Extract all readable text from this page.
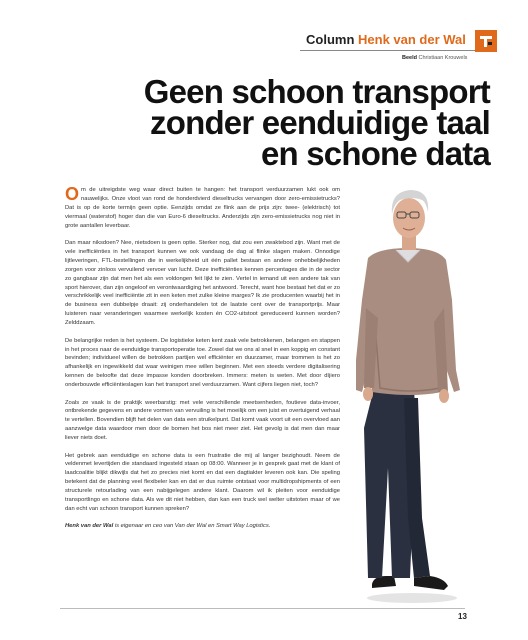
Column Henk van der Wal
Beeld Christiaan Krouwels
Geen schoon transport
zonder eenduidige taal
en schone data

Om de uitreigdste weg waar direct buiten te hangen: het transport verduurzamen lukt ook om nauwelijks. Onze vloot van rond de honderdvierd dieseltrucks vervangen door zero-emissietrucks? Dat is op de korte termijn geen optie. Eenzijds omdat ze flink aan de prijs zijn: twee- (elektrisch) tot viermaal (waterstof) hoger dan die van Euro-6 dieseltrucks. Anderzijds zijn zero-emissietrucks nog niet in grote aantallen leverbaar.

Dan maar niksdoen? Nee, nietsdoen is geen optie. Sterker nog, dat zou een zwaktebod zijn. Want met de vele inefficiënties in het transport kunnen we ook vandaag de dag al flinke slagen maken. Onnodige lijtleveringen, FTL-bestellingen die in werkelijkheid uit één pallet bestaan en andere onhebbelijkheden zorgen voor zinloos vervuilend vervoer van lucht. Deze inefficiënties kennen percentages die in de sector zo gangbaar zijn dat men het als een voldongen feit lijkt te zien. Vertel in iemand uit een andere tak van sport hierover, dan zijn ongeloof en verontwaardiging het antwoord. Terecht, want hoe bestaat het dat er zo verschrikkelijk veel inefficiëntie zit in een keten met zulke kleine marges? Ik zie producenten waarbij het in de business een dubbelpje draait: zij onderhandelen tot de laatste cent over de transportprijs. Maar luisteren naar veranderingen waarmee werkelijk kosten én CO2-uitstoot gereduceerd kunnen worden? Zelddzaam.

De belangrijke reden is het systeem. De logistieke keten kent zaak vele betrokkenen, belangen en stappen in het proces naar de eenduidige transportoperatie toe. Zowel dat we ons al snel in een koppig en constant bevinden; individueel willen de betrokken partijen wel efficiënter en duurzamer, maar trommen is het zo afhankelijk en ingewikkeld dat waar weinigen mee willen beginnen. Met een steeds verdere digitalisering kennen de beloofte dat deze impasse konden doorbreken. Immers: meten is weten. Met door díjiero onderbouwde efficiëntieslagen kan het transport snel verduurzamen. Want cijfers liegen niet, toch?

Zoals ze vaak is de praktijk weerbarstig: met vele verschillende meetsenheden, foutieve data-invoer, ontbrekende gegevens en andere vormen van vervuiling is het moeilijk om een juist en overtuigend verhaal te vertellen. Bovendien blijft het delen van data een struikelpunt. Dat komt vaak voort uit een overvloed aan aanzwelge data waardoor men door de bomen het bos niet meer ziet. Het gevolg is dat men dan maar liever niets doet.

Het gebrek aan eenduidige en schone data is een frustratie die mij al langer bezighoudt. Neem de veldenmet levertijden die standaard ingesteld staan op 08:00. Wanneer je in gesprek gaat met de klant of laadcoalitie blijkt dikwijls dat het zo precies niet komt en dat een dagtiakter leveren ook kan. Die speling betekent dat de planning veel flexibeler kan en dat er dus ruimte ontstaat voor multidropshipments of een structurele retourlading van een nabijgelegen andere klant. Daarom wil ik pleiten voor eenduidige transportlingo en schone data. Als we dit niet hebben, dan kan een truck wel welter uitstoten maar of we dan echt van schoon transport kunnen spreken?

Henk van der Wal is eigenaar en ceo van Van der Wal en Smart Way Logistics.
13
